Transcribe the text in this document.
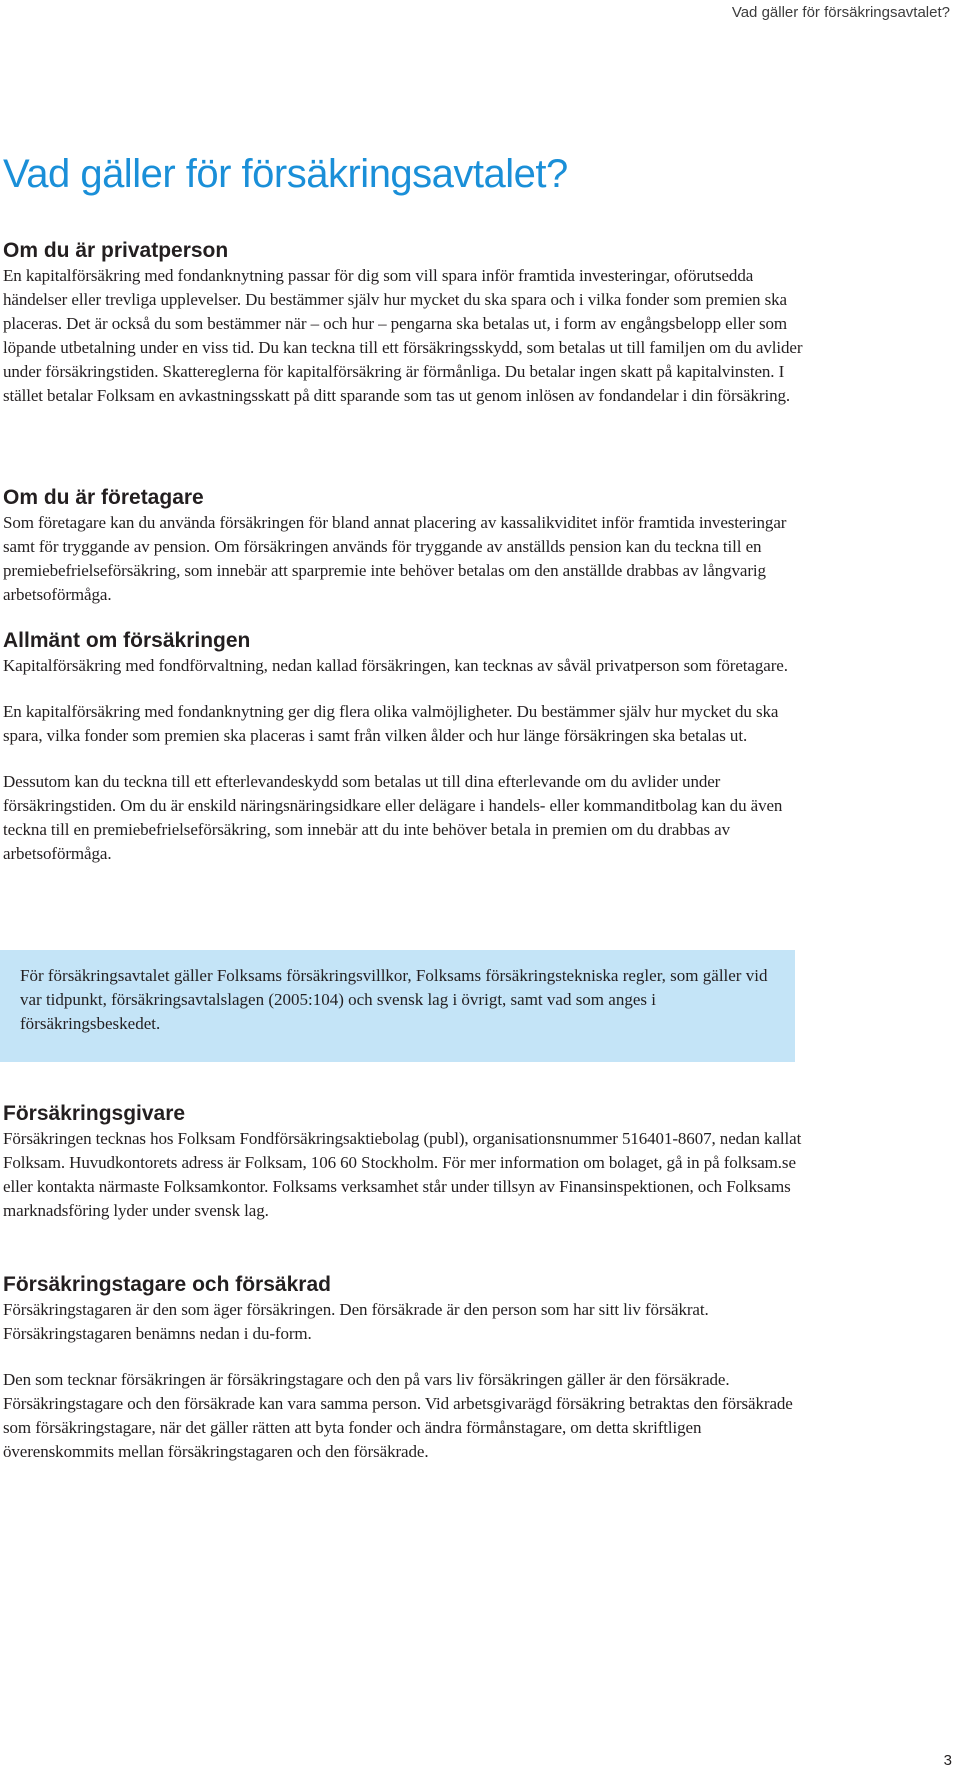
Vad gäller för försäkringsavtalet?
Vad gäller för försäkringsavtalet?
Om du är privatperson

En kapitalförsäkring med fondanknytning passar för dig som vill spara inför framtida investeringar, oförutsedda händelser eller trevliga upplevelser. Du bestämmer själv hur mycket du ska spara och i vilka fonder som premien ska placeras. Det är också du som bestämmer när – och hur – pengarna ska betalas ut, i form av engångsbelopp eller som löpande utbetalning under en viss tid. Du kan teckna till ett försäkringsskydd, som betalas ut till familjen om du avlider under försäkringstiden. Skattereglerna för kapitalförsäkring är förmånliga. Du betalar ingen skatt på kapitalvinsten. I stället betalar Folksam en avkastningsskatt på ditt sparande som tas ut genom inlösen av fondandelar i din försäkring.

Om du är företagare

Som företagare kan du använda försäkringen för bland annat placering av kassalikviditet inför framtida investeringar samt för tryggande av pension. Om försäkringen används för tryggande av anställds pension kan du teckna till en premiebefrielseförsäkring, som innebär att sparpremie inte behöver betalas om den anställde drabbas av långvarig arbetsoförmåga.

Allmänt om försäkringen

Kapitalförsäkring med fondförvaltning, nedan kallad försäkringen, kan tecknas av såväl privatperson som företagare.

En kapitalförsäkring med fondanknytning ger dig flera olika valmöjligheter. Du bestämmer själv hur mycket du ska spara, vilka fonder som premien ska placeras i samt från vilken ålder och hur länge försäkringen ska betalas ut.

Dessutom kan du teckna till ett efterlevandeskydd som betalas ut till dina efterlevande om du avlider under försäkringstiden. Om du är enskild näringsnäringsidkare eller delägare i handels- eller kommanditbolag kan du även teckna till en premiebefrielseförsäkring, som innebär att du inte behöver betala in premien om du drabbas av arbetsoförmåga.

För försäkringsavtalet gäller Folksams försäkringsvillkor, Folksams försäkringstekniska regler, som gäller vid var tidpunkt, försäkringsavtalslagen (2005:104) och svensk lag i övrigt, samt vad som anges i försäkringsbeskedet.
Försäkringsgivare

Försäkringen tecknas hos Folksam Fondförsäkringsaktiebolag (publ), organisationsnummer 516401-8607, nedan kallat Folksam. Huvudkontorets adress är Folksam, 106 60 Stockholm. För mer information om bolaget, gå in på folksam.se eller kontakta närmaste Folksamkontor. Folksams verksamhet står under tillsyn av Finansinspektionen, och Folksams marknadsföring lyder under svensk lag.

Försäkringstagare och försäkrad

Försäkringstagaren är den som äger försäkringen. Den försäkrade är den person som har sitt liv försäkrat. Försäkringstagaren benämns nedan i du-form.

Den som tecknar försäkringen är försäkringstagare och den på vars liv försäkringen gäller är den försäkrade. Försäkringstagare och den försäkrade kan vara samma person. Vid arbetsgivarägd försäkring betraktas den försäkrade som försäkringstagare, när det gäller rätten att byta fonder och ändra förmånstagare, om detta skriftligen överenskommits mellan försäkringstagaren och den försäkrade.

3
